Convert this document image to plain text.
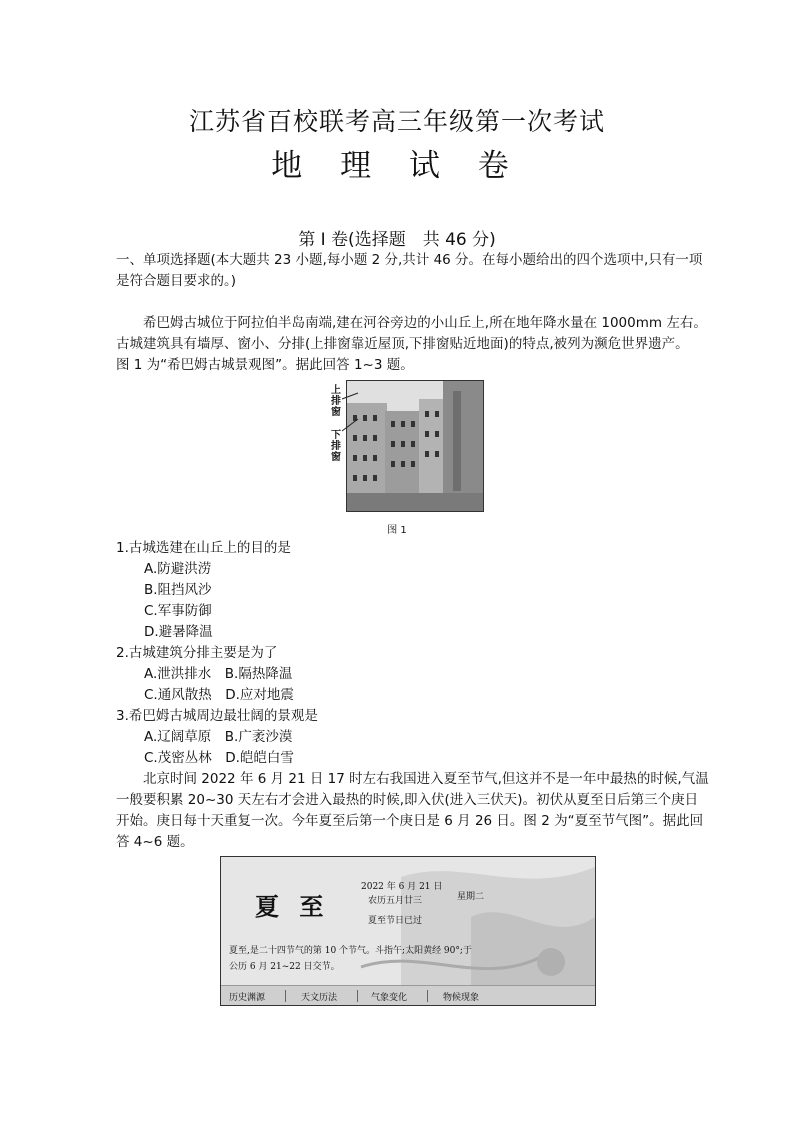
江苏省百校联考高三年级第一次考试
地 理 试 卷
第 I 卷(选择题　共 46 分)
一、单项选择题(本大题共 23 小题,每小题 2 分,共计 46 分。在每小题给出的四个选项中,只有一项
是符合题目要求的。)
希巴姆古城位于阿拉伯半岛南端,建在河谷旁边的小山丘上,所在地年降水量在 1000mm 左右。
古城建筑具有墙厚、窗小、分排(上排窗靠近屋顶,下排窗贴近地面)的特点,被列为濒危世界遗产。
图 1 为“希巴姆古城景观图”。据此回答 1~3 题。
上
排
窗
下
排
窗
图 1
1.古城选建在山丘上的目的是
A.防避洪涝
B.阻挡风沙
C.军事防御
D.避暑降温
2.古城建筑分排主要是为了
A.泄洪排水　B.隔热降温
C.通风散热　D.应对地震
3.希巴姆古城周边最壮阔的景观是
A.辽阔草原　B.广袤沙漠
C.茂密丛林　D.皑皑白雪
北京时间 2022 年 6 月 21 日 17 时左右我国进入夏至节气,但这并不是一年中最热的时候,气温
一般要积累 20~30 天左右才会进入最热的时候,即入伏(进入三伏天)。初伏从夏至日后第三个庚日
开始。庚日每十天重复一次。今年夏至后第一个庚日是 6 月 26 日。图 2 为“夏至节气图”。据此回
答 4~6 题。
夏 至
2022 年 6 月 21 日
农历五月廿三	星期二
夏至节日已过
夏至,是二十四节气的第 10 个节气。斗指午;太阳黄经 90°;于
公历 6 月 21~22 日交节。
历史渊源	天文历法	气象变化	物候现象
